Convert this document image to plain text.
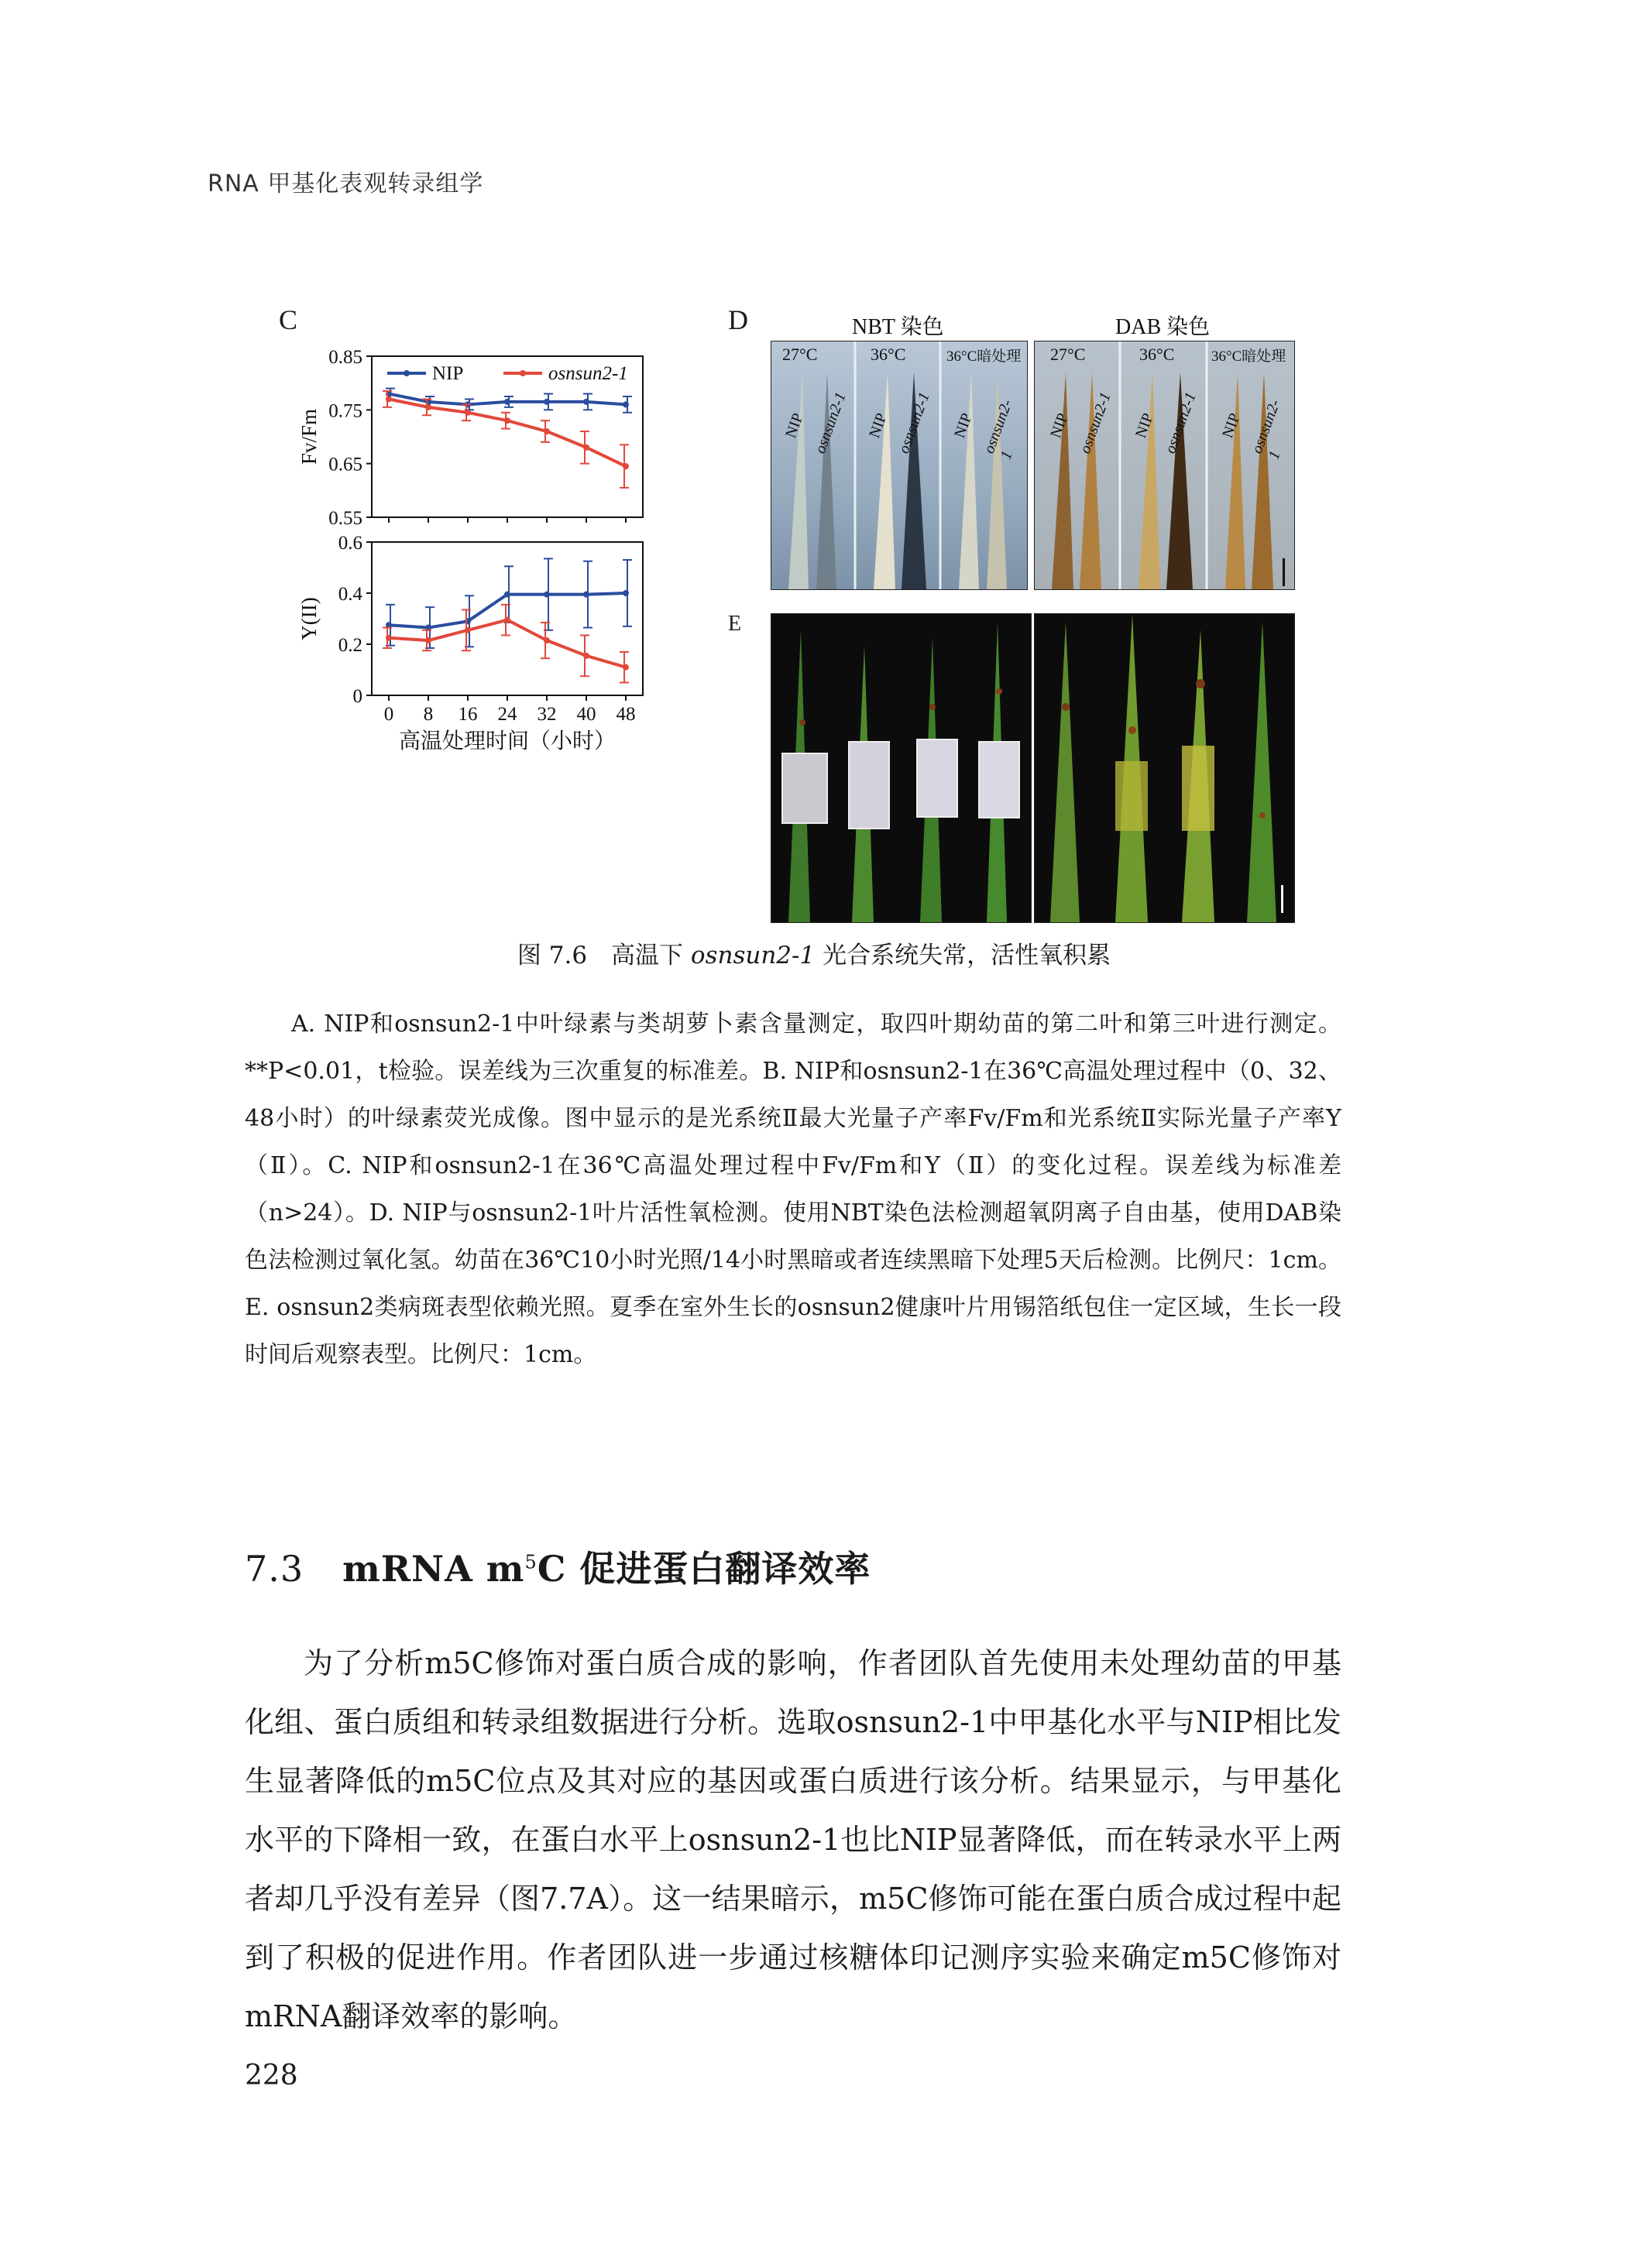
RNA 甲基化表观转录组学
C
0.85
0.75
0.65
0.55
Fv/Fm
NIP	osnsun2-1
0.6
0.4
0.2
0
Y(II)
0 8 16 24 32 40 48
高温处理时间（小时）
D	NBT 染色	DAB 染色
27°C	36°C	36°C暗处理
NIP osnsun2-1 NIP osnsun2-1 NIP osnsun2-1
27°C	36°C	36°C暗处理
NIP osnsun2-1 NIP osnsun2-1 NIP osnsun2-1
E
图 7.6　高温下 osnsun2-1 光合系统失常，活性氧积累

A. NIP和osnsun2-1中叶绿素与类胡萝卜素含量测定，取四叶期幼苗的第二叶和第三叶进行测定。**P<0.01，t检验。误差线为三次重复的标准差。B. NIP和osnsun2-1在36℃高温处理过程中（0、32、48小时）的叶绿素荧光成像。图中显示的是光系统Ⅱ最大光量子产率Fv/Fm和光系统Ⅱ实际光量子产率Y（Ⅱ）。C. NIP和osnsun2-1在36℃高温处理过程中Fv/Fm和Y（Ⅱ）的变化过程。误差线为标准差（n>24）。D. NIP与osnsun2-1叶片活性氧检测。使用NBT染色法检测超氧阴离子自由基，使用DAB染色法检测过氧化氢。幼苗在36℃10小时光照/14小时黑暗或者连续黑暗下处理5天后检测。比例尺：1cm。E. osnsun2类病斑表型依赖光照。夏季在室外生长的osnsun2健康叶片用锡箔纸包住一定区域，生长一段时间后观察表型。比例尺：1cm。

7.3 mRNA $m^5C$ 促进蛋白翻译效率

为了分析m5C修饰对蛋白质合成的影响，作者团队首先使用未处理幼苗的甲基化组、蛋白质组和转录组数据进行分析。选取osnsun2-1中甲基化水平与NIP相比发生显著降低的m5C位点及其对应的基因或蛋白质进行该分析。结果显示，与甲基化水平的下降相一致，在蛋白水平上osnsun2-1也比NIP显著降低，而在转录水平上两者却几乎没有差异（图7.7A）。这一结果暗示，m5C修饰可能在蛋白质合成过程中起到了积极的促进作用。作者团队进一步通过核糖体印记测序实验来确定m5C修饰对mRNA翻译效率的影响。

228
